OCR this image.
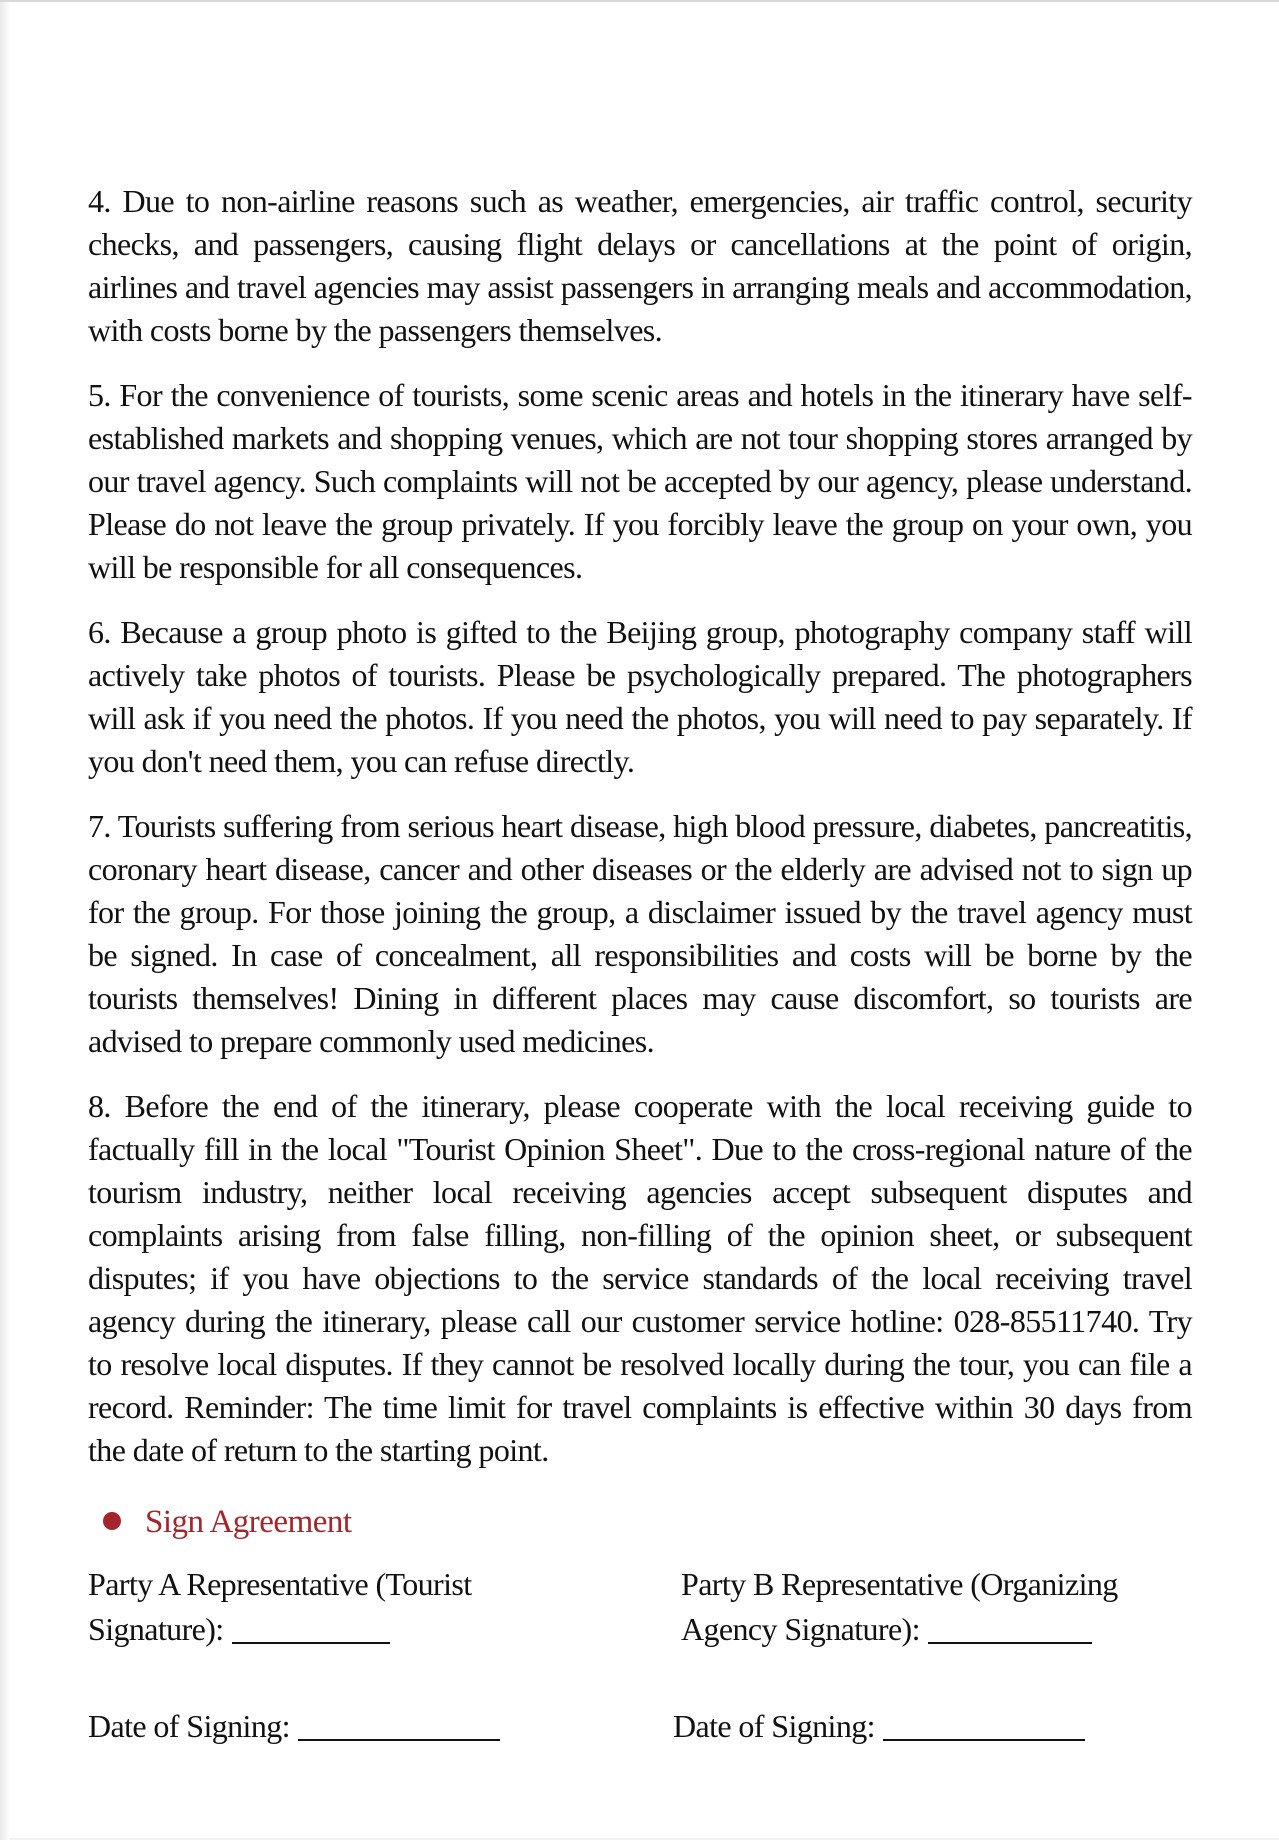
4. Due to non-airline reasons such as weather, emergencies, air traffic control, security checks, and passengers, causing flight delays or cancellations at the point of origin, airlines and travel agencies may assist passengers in arranging meals and accommodation, with costs borne by the passengers themselves.

5. For the convenience of tourists, some scenic areas and hotels in the itinerary have self-established markets and shopping venues, which are not tour shopping stores arranged by our travel agency. Such complaints will not be accepted by our agency, please understand. Please do not leave the group privately. If you forcibly leave the group on your own, you will be responsible for all consequences.

6. Because a group photo is gifted to the Beijing group, photography company staff will actively take photos of tourists. Please be psychologically prepared. The photographers will ask if you need the photos. If you need the photos, you will need to pay separately. If you don't need them, you can refuse directly.

7. Tourists suffering from serious heart disease, high blood pressure, diabetes, pancreatitis, coronary heart disease, cancer and other diseases or the elderly are advised not to sign up for the group. For those joining the group, a disclaimer issued by the travel agency must be signed. In case of concealment, all responsibilities and costs will be borne by the tourists themselves! Dining in different places may cause discomfort, so tourists are advised to prepare commonly used medicines.

8. Before the end of the itinerary, please cooperate with the local receiving guide to factually fill in the local "Tourist Opinion Sheet". Due to the cross-regional nature of the tourism industry, neither local receiving agencies accept subsequent disputes and complaints arising from false filling, non-filling of the opinion sheet, or subsequent disputes; if you have objections to the service standards of the local receiving travel agency during the itinerary, please call our customer service hotline: 028-85511740. Try to resolve local disputes. If they cannot be resolved locally during the tour, you can file a record. Reminder: The time limit for travel complaints is effective within 30 days from the date of return to the starting point.

Sign Agreement
Party A Representative (Tourist
Signature):
Party B Representative (Organizing
Agency Signature):
Date of Signing:	Date of Signing:
